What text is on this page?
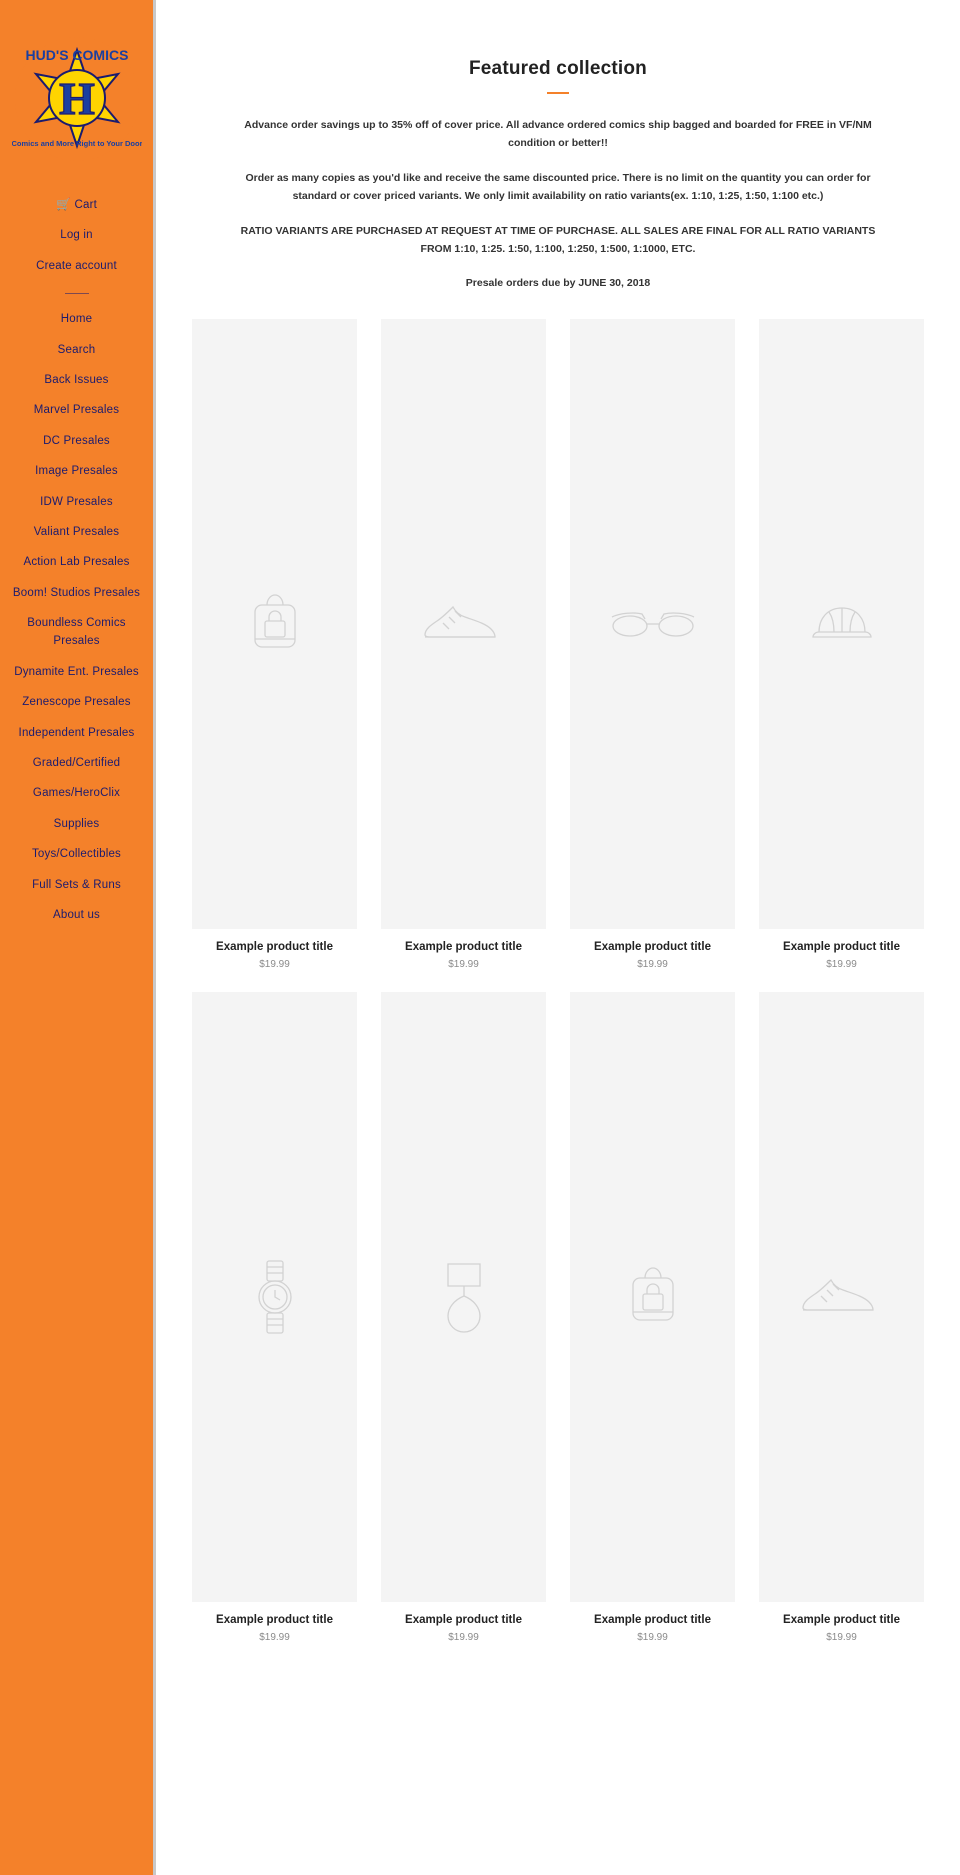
H
HUD'S COMICS
Comics and More Right to Your Door
🛒 Cart
Log in
Create account
Home
Search
Back Issues
Marvel Presales
DC Presales
Image Presales
IDW Presales
Valiant Presales
Action Lab Presales
Boom! Studios Presales
Boundless Comics Presales
Dynamite Ent. Presales
Zenescope Presales
Independent Presales
Graded/Certified
Games/HeroClix
Supplies
Toys/Collectibles
Full Sets & Runs
About us
Featured collection

Advance order savings up to 35% off of cover price. All advance ordered comics ship bagged and boarded for FREE in VF/NM condition or better!!

Order as many copies as you'd like and receive the same discounted price. There is no limit on the quantity you can order for standard or cover priced variants. We only limit availability on ratio variants(ex. 1:10, 1:25, 1:50, 1:100 etc.)

RATIO VARIANTS ARE PURCHASED AT REQUEST AT TIME OF PURCHASE. ALL SALES ARE FINAL FOR ALL RATIO VARIANTS FROM 1:10, 1:25. 1:50, 1:100, 1:250, 1:500, 1:1000, ETC.

Presale orders due by JUNE 30, 2018

Example product title
$19.99
Example product title
$19.99
Example product title
$19.99
Example product title
$19.99
Example product title
$19.99
Example product title
$19.99
Example product title
$19.99
Example product title
$19.99
